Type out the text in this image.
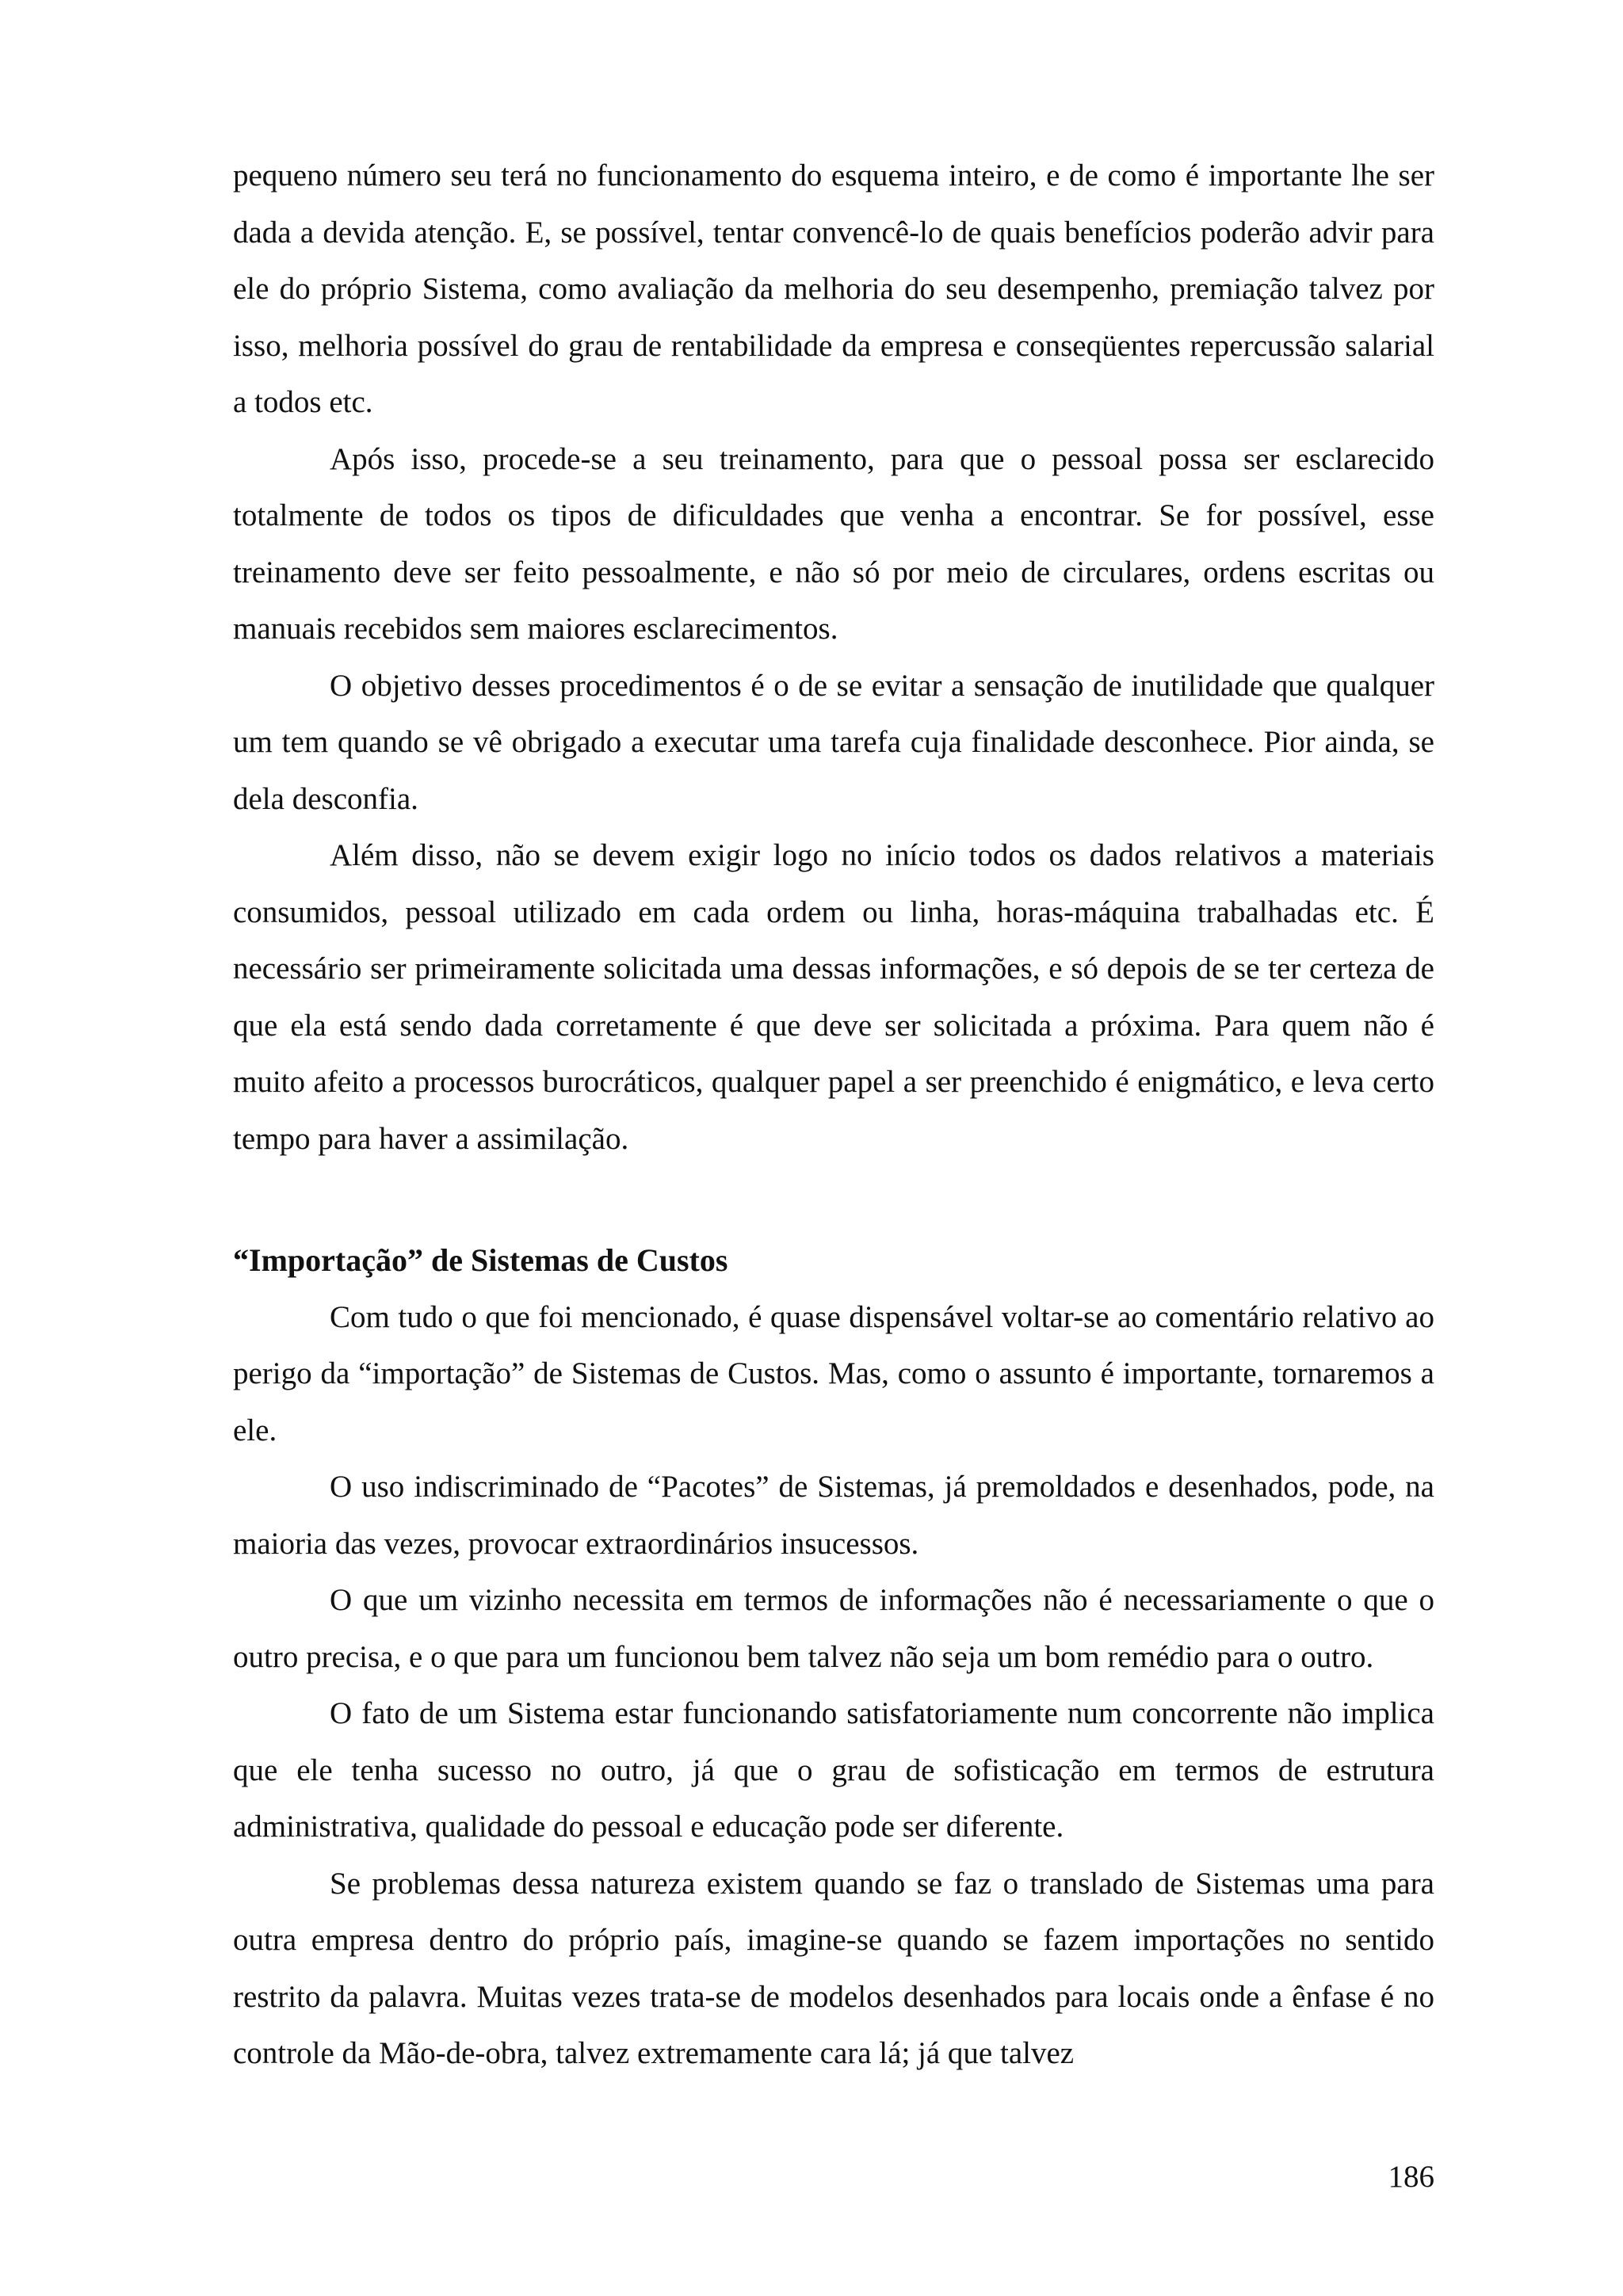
pequeno número seu terá no funcionamento do esquema inteiro, e de como é importante lhe ser dada a devida atenção. E, se possível, tentar convencê-lo de quais benefícios poderão advir para ele do próprio Sistema, como avaliação da melhoria do seu desempenho, premiação talvez por isso, melhoria possível do grau de rentabilidade da empresa e conseqüentes repercussão salarial a todos etc.

Após isso, procede-se a seu treinamento, para que o pessoal possa ser esclarecido totalmente de todos os tipos de dificuldades que venha a encontrar. Se for possível, esse treinamento deve ser feito pessoalmente, e não só por meio de circulares, ordens escritas ou manuais recebidos sem maiores esclarecimentos.

O objetivo desses procedimentos é o de se evitar a sensação de inutilidade que qualquer um tem quando se vê obrigado a executar uma tarefa cuja finalidade desconhece. Pior ainda, se dela desconfia.

Além disso, não se devem exigir logo no início todos os dados relativos a materiais consumidos, pessoal utilizado em cada ordem ou linha, horas-máquina trabalhadas etc. É necessário ser primeiramente solicitada uma dessas informações, e só depois de se ter certeza de que ela está sendo dada corretamente é que deve ser solicitada a próxima. Para quem não é muito afeito a processos burocráticos, qualquer papel a ser preenchido é enigmático, e leva certo tempo para haver a assimilação.

“Importação” de Sistemas de Custos

Com tudo o que foi mencionado, é quase dispensável voltar-se ao comentário relativo ao perigo da “importação” de Sistemas de Custos. Mas, como o assunto é importante, tornaremos a ele.

O uso indiscriminado de “Pacotes” de Sistemas, já premoldados e desenhados, pode, na maioria das vezes, provocar extraordinários insucessos.

O que um vizinho necessita em termos de informações não é necessariamente o que o outro precisa, e o que para um funcionou bem talvez não seja um bom remédio para o outro.

O fato de um Sistema estar funcionando satisfatoriamente num concorrente não implica que ele tenha sucesso no outro, já que o grau de sofisticação em termos de estrutura administrativa, qualidade do pessoal e educação pode ser diferente.

Se problemas dessa natureza existem quando se faz o translado de Sistemas uma para outra empresa dentro do próprio país, imagine-se quando se fazem importações no sentido restrito da palavra. Muitas vezes trata-se de modelos desenhados para locais onde a ênfase é no controle da Mão-de-obra, talvez extremamente cara lá; já que talvez

186
